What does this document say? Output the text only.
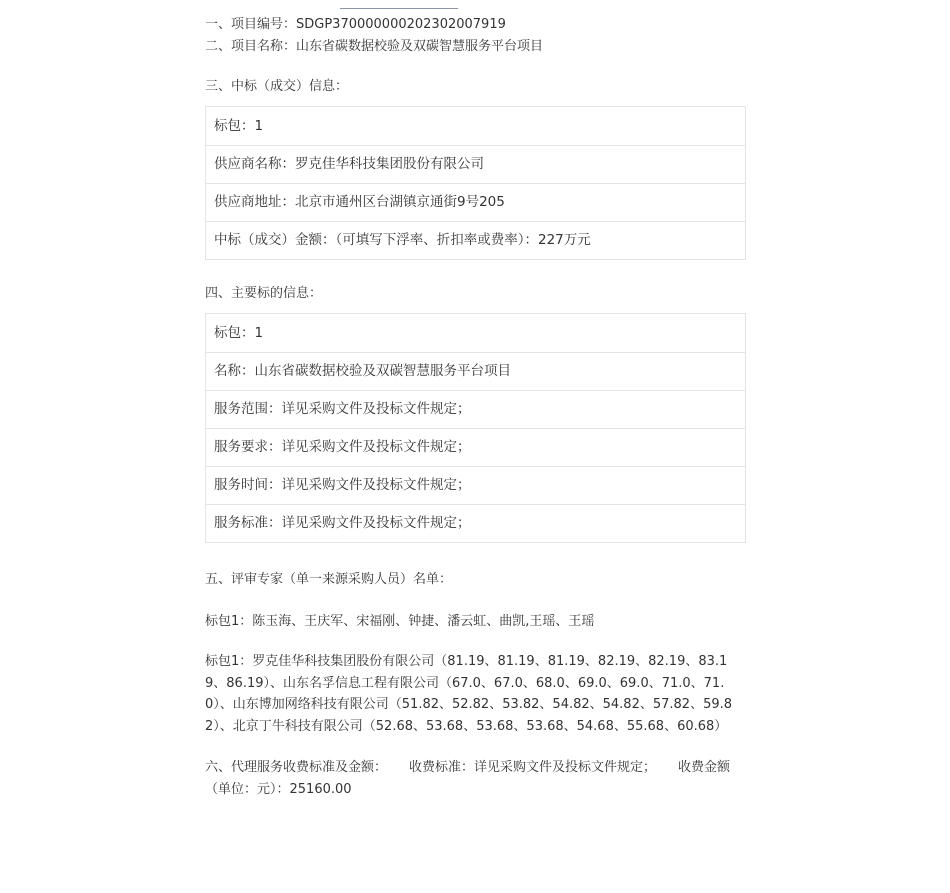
一、项目编号：SDGP370000000202302007919

二、项目名称：山东省碳数据校验及双碳智慧服务平台项目

三、中标（成交）信息：

标包：1
供应商名称：罗克佳华科技集团股份有限公司
供应商地址：北京市通州区台湖镇京通街9号205
中标（成交）金额：（可填写下浮率、折扣率或费率）：227万元

四、主要标的信息：

标包：1
名称：山东省碳数据校验及双碳智慧服务平台项目
服务范围：详见采购文件及投标文件规定；
服务要求：详见采购文件及投标文件规定；
服务时间：详见采购文件及投标文件规定；
服务标准：详见采购文件及投标文件规定；

五、评审专家（单一来源采购人员）名单：

标包1：陈玉海、王庆军、宋福刚、钟捷、潘云虹、曲凯,王瑶、王瑶

标包1：罗克佳华科技集团股份有限公司（81.19、81.19、81.19、82.19、82.19、83.19、86.19）、山东名孚信息工程有限公司（67.0、67.0、68.0、69.0、69.0、71.0、71.0）、山东博加网络科技有限公司（51.82、52.82、53.82、54.82、54.82、57.82、59.82）、北京丁牛科技有限公司（52.68、53.68、53.68、53.68、54.68、55.68、60.68）

六、代理服务收费标准及金额： 收费标准：详见采购文件及投标文件规定； 收费金额（单位：元）：25160.00
